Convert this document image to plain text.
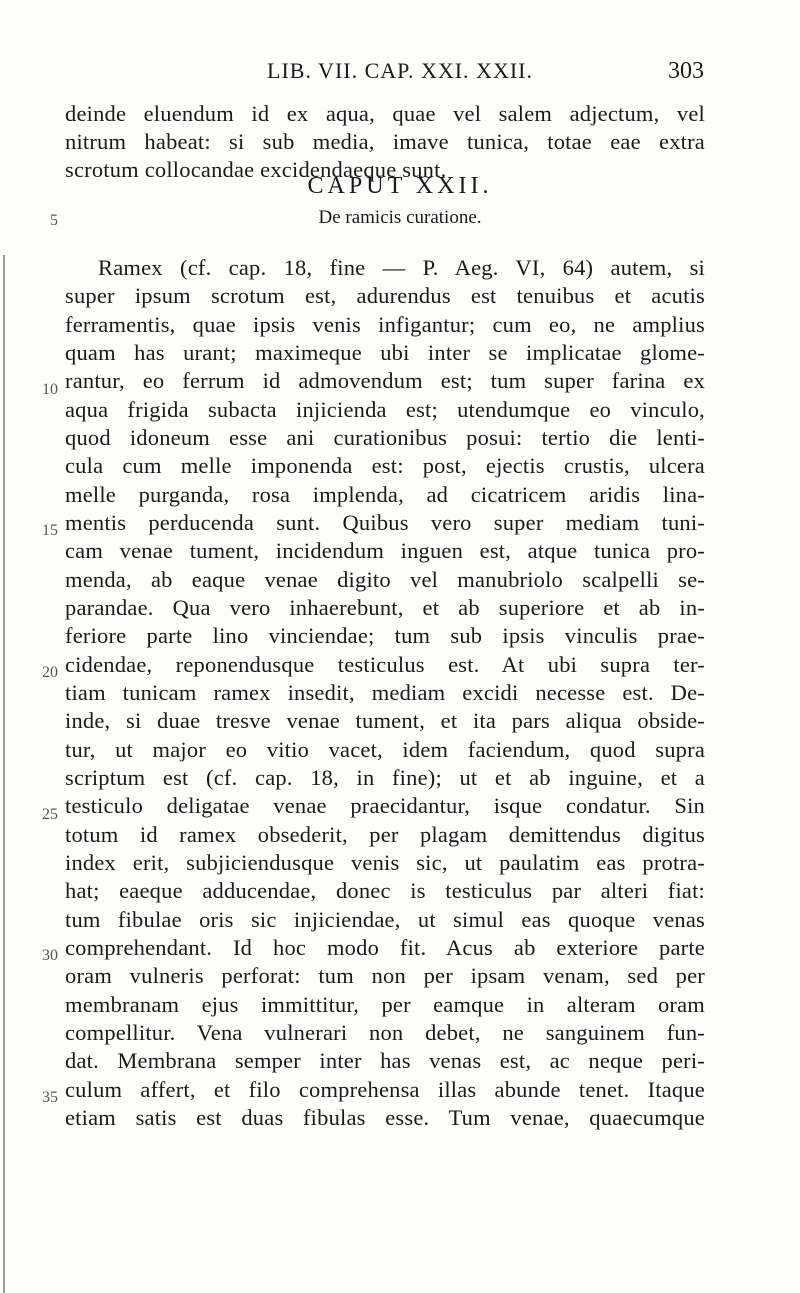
LIB. VII. CAP. XXI. XXII.	303
deinde eluendum id ex aqua, quae vel salem adjectum, vel
nitrum habeat: si sub media, imave tunica, totae eae extra
scrotum collocandae excidendaeque sunt.
CAPUT XXII.
De ramicis curatione.
5
10
15
20
25
30
35
Ramex (cf. cap. 18, fine — P. Aeg. VI, 64) autem, si
super ipsum scrotum est, adurendus est tenuibus et acutis
ferramentis, quae ipsis venis infigantur; cum eo, ne amplius
quam has urant; maximeque ubi inter se implicatae glome-
rantur, eo ferrum id admovendum est; tum super farina ex
aqua frigida subacta injicienda est; utendumque eo vinculo,
quod idoneum esse ani curationibus posui: tertio die lenti-
cula cum melle imponenda est: post, ejectis crustis, ulcera
melle purganda, rosa implenda, ad cicatricem aridis lina-
mentis perducenda sunt. Quibus vero super mediam tuni-
cam venae tument, incidendum inguen est, atque tunica pro-
menda, ab eaque venae digito vel manubriolo scalpelli se-
parandae. Qua vero inhaerebunt, et ab superiore et ab in-
feriore parte lino vinciendae; tum sub ipsis vinculis prae-
cidendae, reponendusque testiculus est. At ubi supra ter-
tiam tunicam ramex insedit, mediam excidi necesse est. De-
inde, si duae tresve venae tument, et ita pars aliqua obside-
tur, ut major eo vitio vacet, idem faciendum, quod supra
scriptum est (cf. cap. 18, in fine); ut et ab inguine, et a
testiculo deligatae venae praecidantur, isque condatur. Sin
totum id ramex obsederit, per plagam demittendus digitus
index erit, subjiciendusque venis sic, ut paulatim eas protra-
hat; eaeque adducendae, donec is testiculus par alteri fiat:
tum fibulae oris sic injiciendae, ut simul eas quoque venas
comprehendant. Id hoc modo fit. Acus ab exteriore parte
oram vulneris perforat: tum non per ipsam venam, sed per
membranam ejus immittitur, per eamque in alteram oram
compellitur. Vena vulnerari non debet, ne sanguinem fun-
dat. Membrana semper inter has venas est, ac neque peri-
culum affert, et filo comprehensa illas abunde tenet. Itaque
etiam satis est duas fibulas esse. Tum venae, quaecumque
